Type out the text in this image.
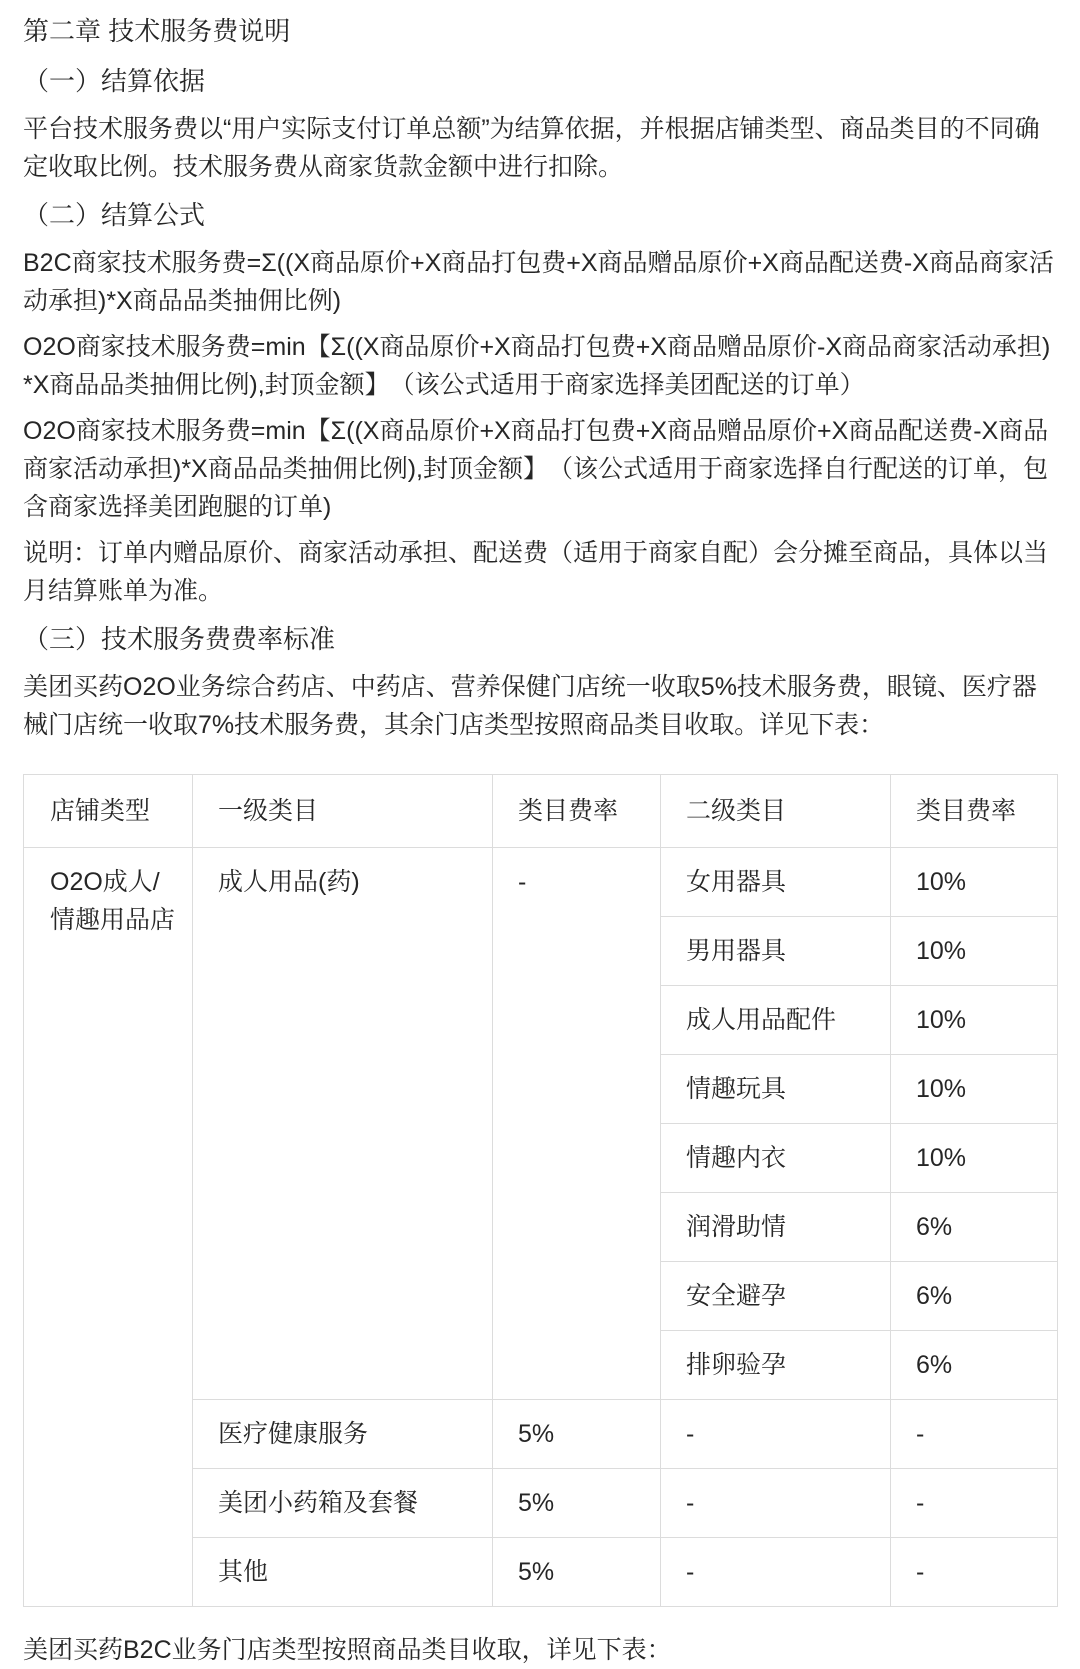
第二章 技术服务费说明
（一）结算依据

平台技术服务费以“用户实际支付订单总额”为结算依据，并根据店铺类型、商品类目的不同确定收取比例。技术服务费从商家货款金额中进行扣除。

（二）结算公式

B2C商家技术服务费=Σ((X商品原价+X商品打包费+X商品赠品原价+X商品配送费-X商品商家活动承担)*X商品品类抽佣比例)

O2O商家技术服务费=min【Σ((X商品原价+X商品打包费+X商品赠品原价-X商品商家活动承担)*X商品品类抽佣比例),封顶金额】　（该公式适用于商家选择美团配送的订单）

O2O商家技术服务费=min【Σ((X商品原价+X商品打包费+X商品赠品原价+X商品配送费-X商品商家活动承担)*X商品品类抽佣比例),封顶金额】　（该公式适用于商家选择自行配送的订单，包含商家选择美团跑腿的订单)

说明：订单内赠品原价、商家活动承担、配送费（适用于商家自配）会分摊至商品，具体以当月结算账单为准。

（三）技术服务费费率标准

美团买药O2O业务综合药店、中药店、营养保健门店统一收取5%技术服务费，眼镜、医疗器械门店统一收取7%技术服务费，其余门店类型按照商品类目收取。详见下表：

店铺类型	一级类目	类目费率	二级类目	类目费率
O2O成人/情趣用品店	成人用品(药)	-	女用器具	10%
			男用器具	10%
			成人用品配件	10%
			情趣玩具	10%
			情趣内衣	10%
			润滑助情	6%
			安全避孕	6%
			排卵验孕	6%
	医疗健康服务	5%	-	-
	美团小药箱及套餐	5%	-	-
	其他	5%	-	-

美团买药B2C业务门店类型按照商品类目收取，详见下表：
